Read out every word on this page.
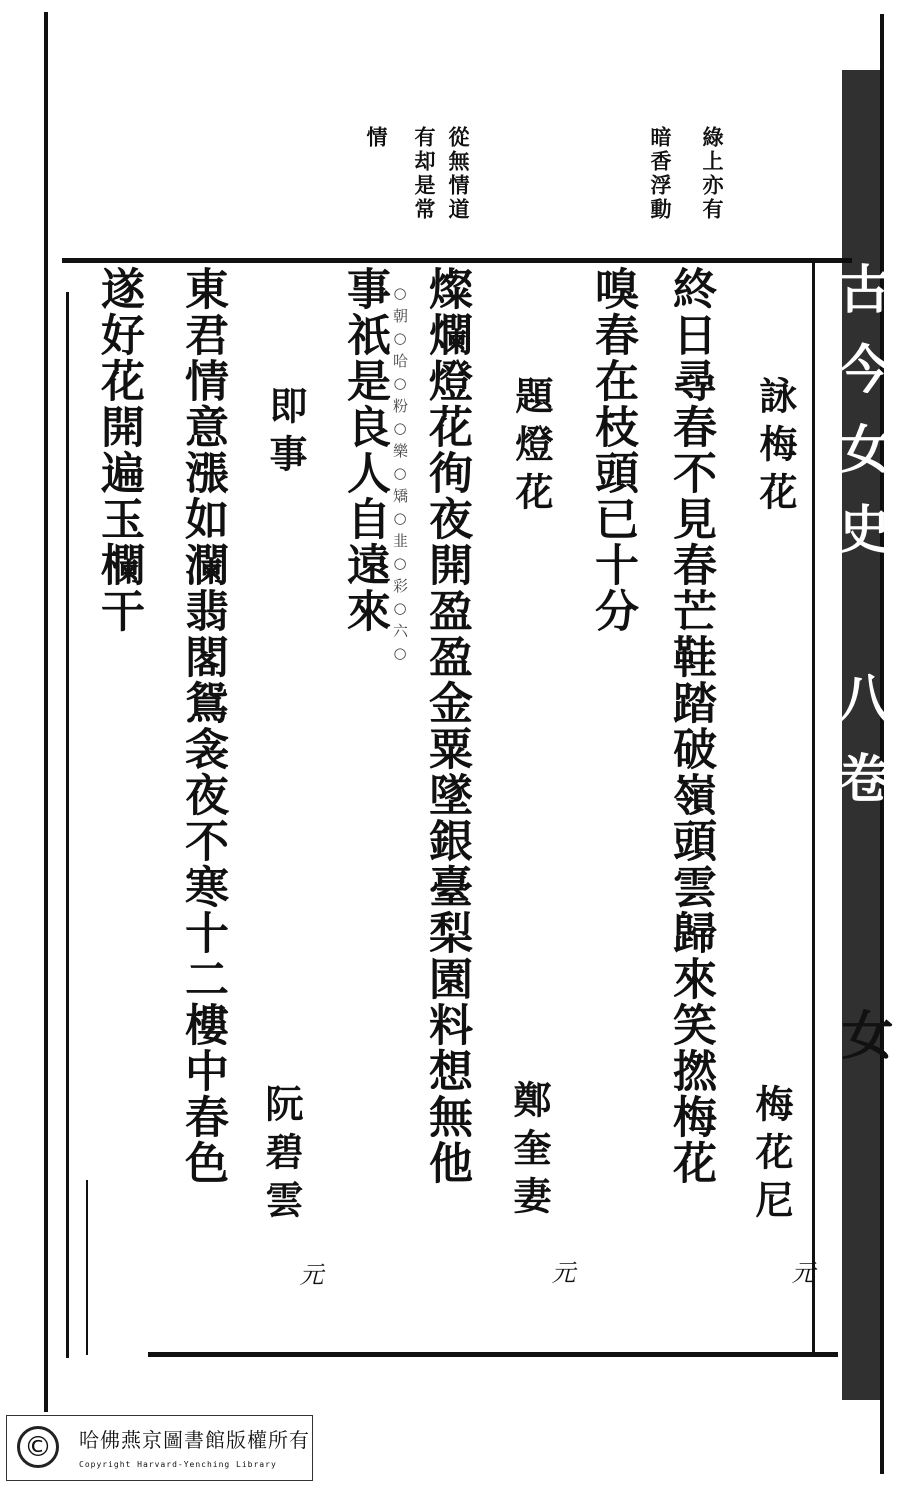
古今女史 八卷
女
綠上亦有
暗香浮動
從無情道
有却是常
情
詠梅花
梅花尼
元
終日尋春不見春芒鞋踏破嶺頭雲歸來笑撚梅花
嗅春在枝頭已十分
題燈花
鄭奎妻
元
燦爛燈花徇夜開盈盈金粟墜銀臺梨園料想無他
事祇是良人自遠來 ○朝○哈○粉○樂○矯○韭○彩○六○
即事
阮碧雲
元
東君情意漲如瀾翡閣鴛衾夜不寒十二樓中春色
遂好花開遍玉欄干
©	哈佛燕京圖書館版權所有
Copyright Harvard-Yenching Library
